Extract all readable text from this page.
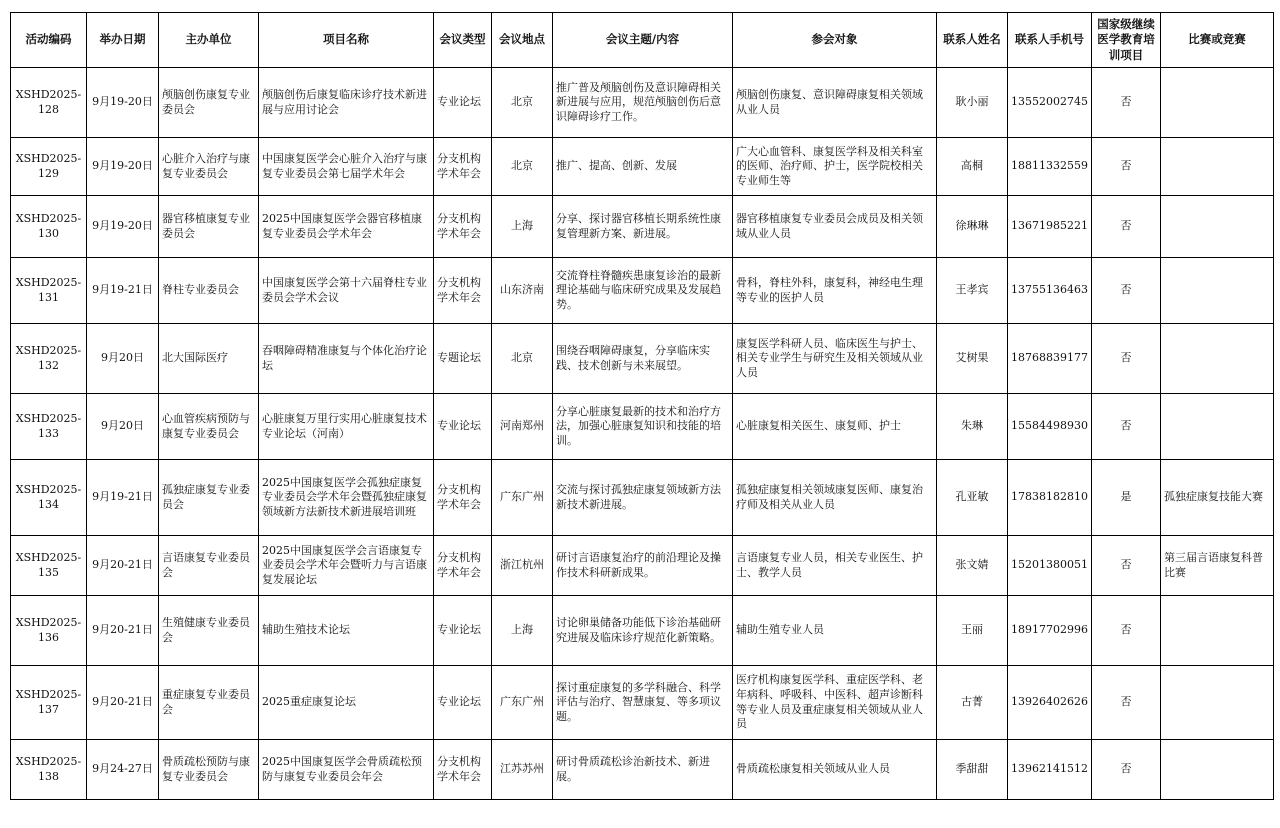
活动编码	举办日期	主办单位	项目名称	会议类型	会议地点	会议主题/内容	参会对象	联系人姓名	联系人手机号	国家级继续医学教育培训项目	比赛或竞赛
XSHD2025-128	9月19-20日	颅脑创伤康复专业委员会	颅脑创伤后康复临床诊疗技术新进展与应用讨论会	专业论坛	北京	推广普及颅脑创伤及意识障碍相关新进展与应用，规范颅脑创伤后意识障碍诊疗工作。	颅脑创伤康复、意识障碍康复相关领域从业人员	耿小丽	13552002745	否	
XSHD2025-129	9月19-20日	心脏介入治疗与康复专业委员会	中国康复医学会心脏介入治疗与康复专业委员会第七届学术年会	分支机构学术年会	北京	推广、提高、创新、发展	广大心血管科、康复医学科及相关科室的医师、治疗师、护士，医学院校相关专业师生等	高桐	18811332559	否	
XSHD2025-130	9月19-20日	器官移植康复专业委员会	2025中国康复医学会器官移植康复专业委员会学术年会	分支机构学术年会	上海	分享、探讨器官移植长期系统性康复管理新方案、新进展。	器官移植康复专业委员会成员及相关领域从业人员	徐琳琳	13671985221	否	
XSHD2025-131	9月19-21日	脊柱专业委员会	中国康复医学会第十六届脊柱专业委员会学术会议	分支机构学术年会	山东济南	交流脊柱脊髓疾患康复诊治的最新理论基础与临床研究成果及发展趋势。	骨科，脊柱外科，康复科，神经电生理等专业的医护人员	王孝宾	13755136463	否	
XSHD2025-132	9月20日	北大国际医疗	吞咽障碍精准康复与个体化治疗论坛	专题论坛	北京	围绕吞咽障碍康复，分享临床实践、技术创新与未来展望。	康复医学科研人员、临床医生与护士、相关专业学生与研究生及相关领域从业人员	艾树果	18768839177	否	
XSHD2025-133	9月20日	心血管疾病预防与康复专业委员会	心脏康复万里行实用心脏康复技术专业论坛（河南）	专业论坛	河南郑州	分享心脏康复最新的技术和治疗方法，加强心脏康复知识和技能的培训。	心脏康复相关医生、康复师、护士	朱琳	15584498930	否	
XSHD2025-134	9月19-21日	孤独症康复专业委员会	2025中国康复医学会孤独症康复专业委员会学术年会暨孤独症康复领域新方法新技术新进展培训班	分支机构学术年会	广东广州	交流与探讨孤独症康复领域新方法新技术新进展。	孤独症康复相关领域康复医师、康复治疗师及相关从业人员	孔亚敏	17838182810	是	孤独症康复技能大赛
XSHD2025-135	9月20-21日	言语康复专业委员会	2025中国康复医学会言语康复专业委员会学术年会暨听力与言语康复发展论坛	分支机构学术年会	浙江杭州	研讨言语康复治疗的前沿理论及操作技术科研新成果。	言语康复专业人员，相关专业医生、护士、教学人员	张文婧	15201380051	否	第三届言语康复科普比赛
XSHD2025-136	9月20-21日	生殖健康专业委员会	辅助生殖技术论坛	专业论坛	上海	讨论卵巢储备功能低下诊治基础研究进展及临床诊疗规范化新策略。	辅助生殖专业人员	王丽	18917702996	否	
XSHD2025-137	9月20-21日	重症康复专业委员会	2025重症康复论坛	专业论坛	广东广州	探讨重症康复的多学科融合、科学评估与治疗、智慧康复、等多项议题。	医疗机构康复医学科、重症医学科、老年病科、呼吸科、中医科、超声诊断科等专业人员及重症康复相关领域从业人员	古菁	13926402626	否	
XSHD2025-138	9月24-27日	骨质疏松预防与康复专业委员会	2025中国康复医学会骨质疏松预防与康复专业委员会年会	分支机构学术年会	江苏苏州	研讨骨质疏松诊治新技术、新进展。	骨质疏松康复相关领域从业人员	季甜甜	13962141512	否	
